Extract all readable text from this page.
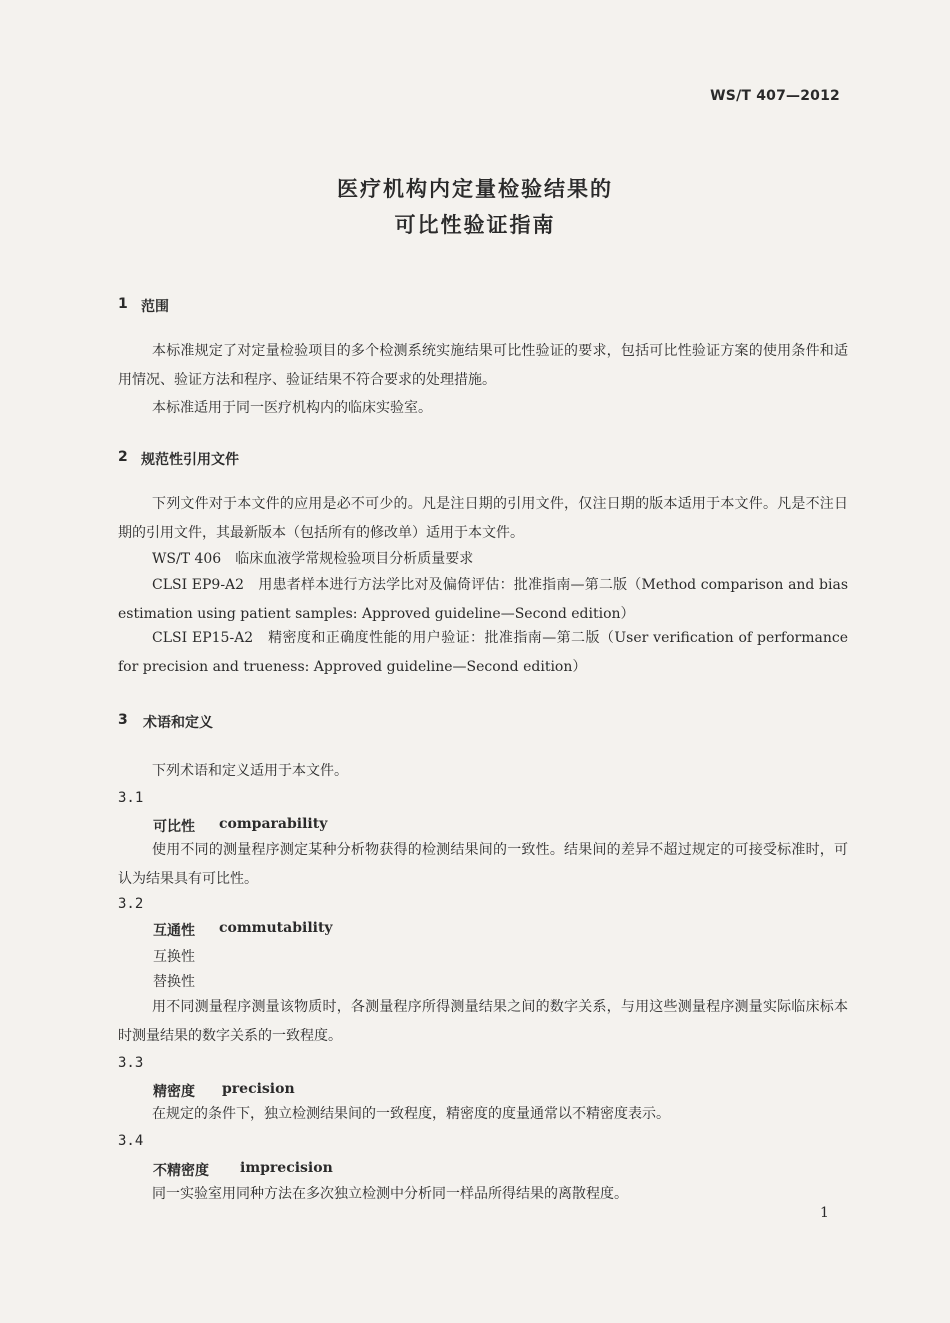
WS/T 407—2012
医疗机构内定量检验结果的
可比性验证指南
1 范围
本标准规定了对定量检验项目的多个检测系统实施结果可比性验证的要求，包括可比性验证方案的使用条件和适用情况、验证方法和程序、验证结果不符合要求的处理措施。
本标准适用于同一医疗机构内的临床实验室。
2 规范性引用文件
下列文件对于本文件的应用是必不可少的。凡是注日期的引用文件，仅注日期的版本适用于本文件。凡是不注日期的引用文件，其最新版本（包括所有的修改单）适用于本文件。
WS/T 406　临床血液学常规检验项目分析质量要求
CLSI EP9-A2　用患者样本进行方法学比对及偏倚评估：批准指南—第二版（Method comparison and bias estimation using patient samples: Approved guideline—Second edition）
CLSI EP15-A2　精密度和正确度性能的用户验证：批准指南—第二版（User verification of performance for precision and trueness: Approved guideline—Second edition）
3 术语和定义
下列术语和定义适用于本文件。
3.1
可比性 comparability
使用不同的测量程序测定某种分析物获得的检测结果间的一致性。结果间的差异不超过规定的可接受标准时，可认为结果具有可比性。
3.2
互通性 commutability
互换性
替换性
用不同测量程序测量该物质时，各测量程序所得测量结果之间的数字关系，与用这些测量程序测量实际临床标本时测量结果的数字关系的一致程度。
3.3
精密度 precision
在规定的条件下，独立检测结果间的一致程度，精密度的度量通常以不精密度表示。
3.4
不精密度 imprecision
同一实验室用同种方法在多次独立检测中分析同一样品所得结果的离散程度。
1
